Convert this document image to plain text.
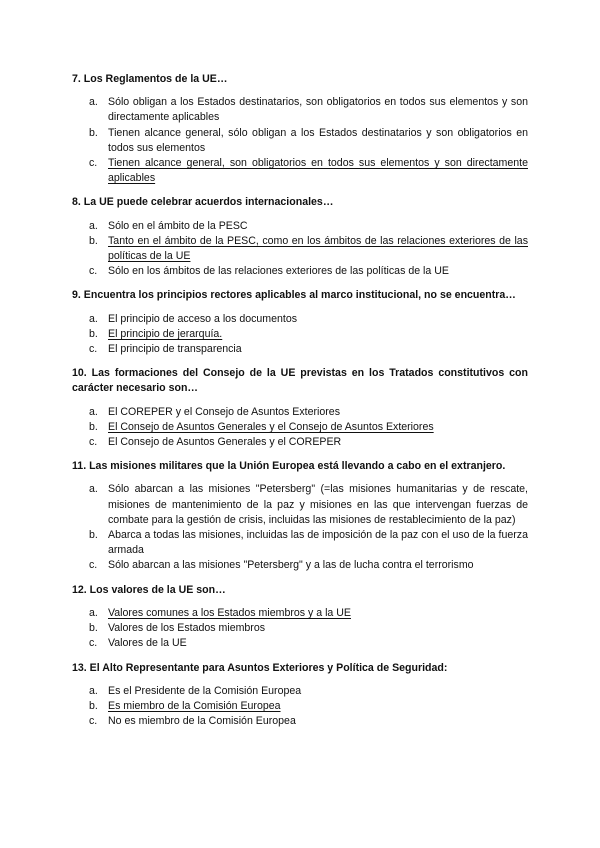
7. Los Reglamentos de la UE…

a. Sólo obligan a los Estados destinatarios, son obligatorios en todos sus elementos y son directamente aplicables
b. Tienen alcance general, sólo obligan a los Estados destinatarios y son obligatorios en todos sus elementos
c. Tienen alcance general, son obligatorios en todos sus elementos y son directamente aplicables

8. La UE puede celebrar acuerdos internacionales…

a. Sólo en el ámbito de la PESC
b. Tanto en el ámbito de la PESC, como en los ámbitos de las relaciones exteriores de las políticas de la UE
c. Sólo en los ámbitos de las relaciones exteriores de las políticas de la UE

9. Encuentra los principios rectores aplicables al marco institucional, no se encuentra…

a. El principio de acceso a los documentos
b. El principio de jerarquía.
c. El principio de transparencia

10. Las formaciones del Consejo de la UE previstas en los Tratados constitutivos con carácter necesario son…

a. El COREPER y el Consejo de Asuntos Exteriores
b. El Consejo de Asuntos Generales y el Consejo de Asuntos Exteriores
c. El Consejo de Asuntos Generales y el COREPER

11. Las misiones militares que la Unión Europea está llevando a cabo en el extranjero.

a. Sólo abarcan a las misiones "Petersberg" (=las misiones humanitarias y de rescate, misiones de mantenimiento de la paz y misiones en las que intervengan fuerzas de combate para la gestión de crisis, incluidas las misiones de restablecimiento de la paz)
b. Abarca a todas las misiones, incluidas las de imposición de la paz con el uso de la fuerza armada
c. Sólo abarcan a las misiones "Petersberg" y a las de lucha contra el terrorismo

12. Los valores de la UE son…

a. Valores comunes a los Estados miembros y a la UE
b. Valores de los Estados miembros
c. Valores de la UE

13. El Alto Representante para Asuntos Exteriores y Política de Seguridad:

a. Es el Presidente de la Comisión Europea
b. Es miembro de la Comisión Europea
c. No es miembro de la Comisión Europea
